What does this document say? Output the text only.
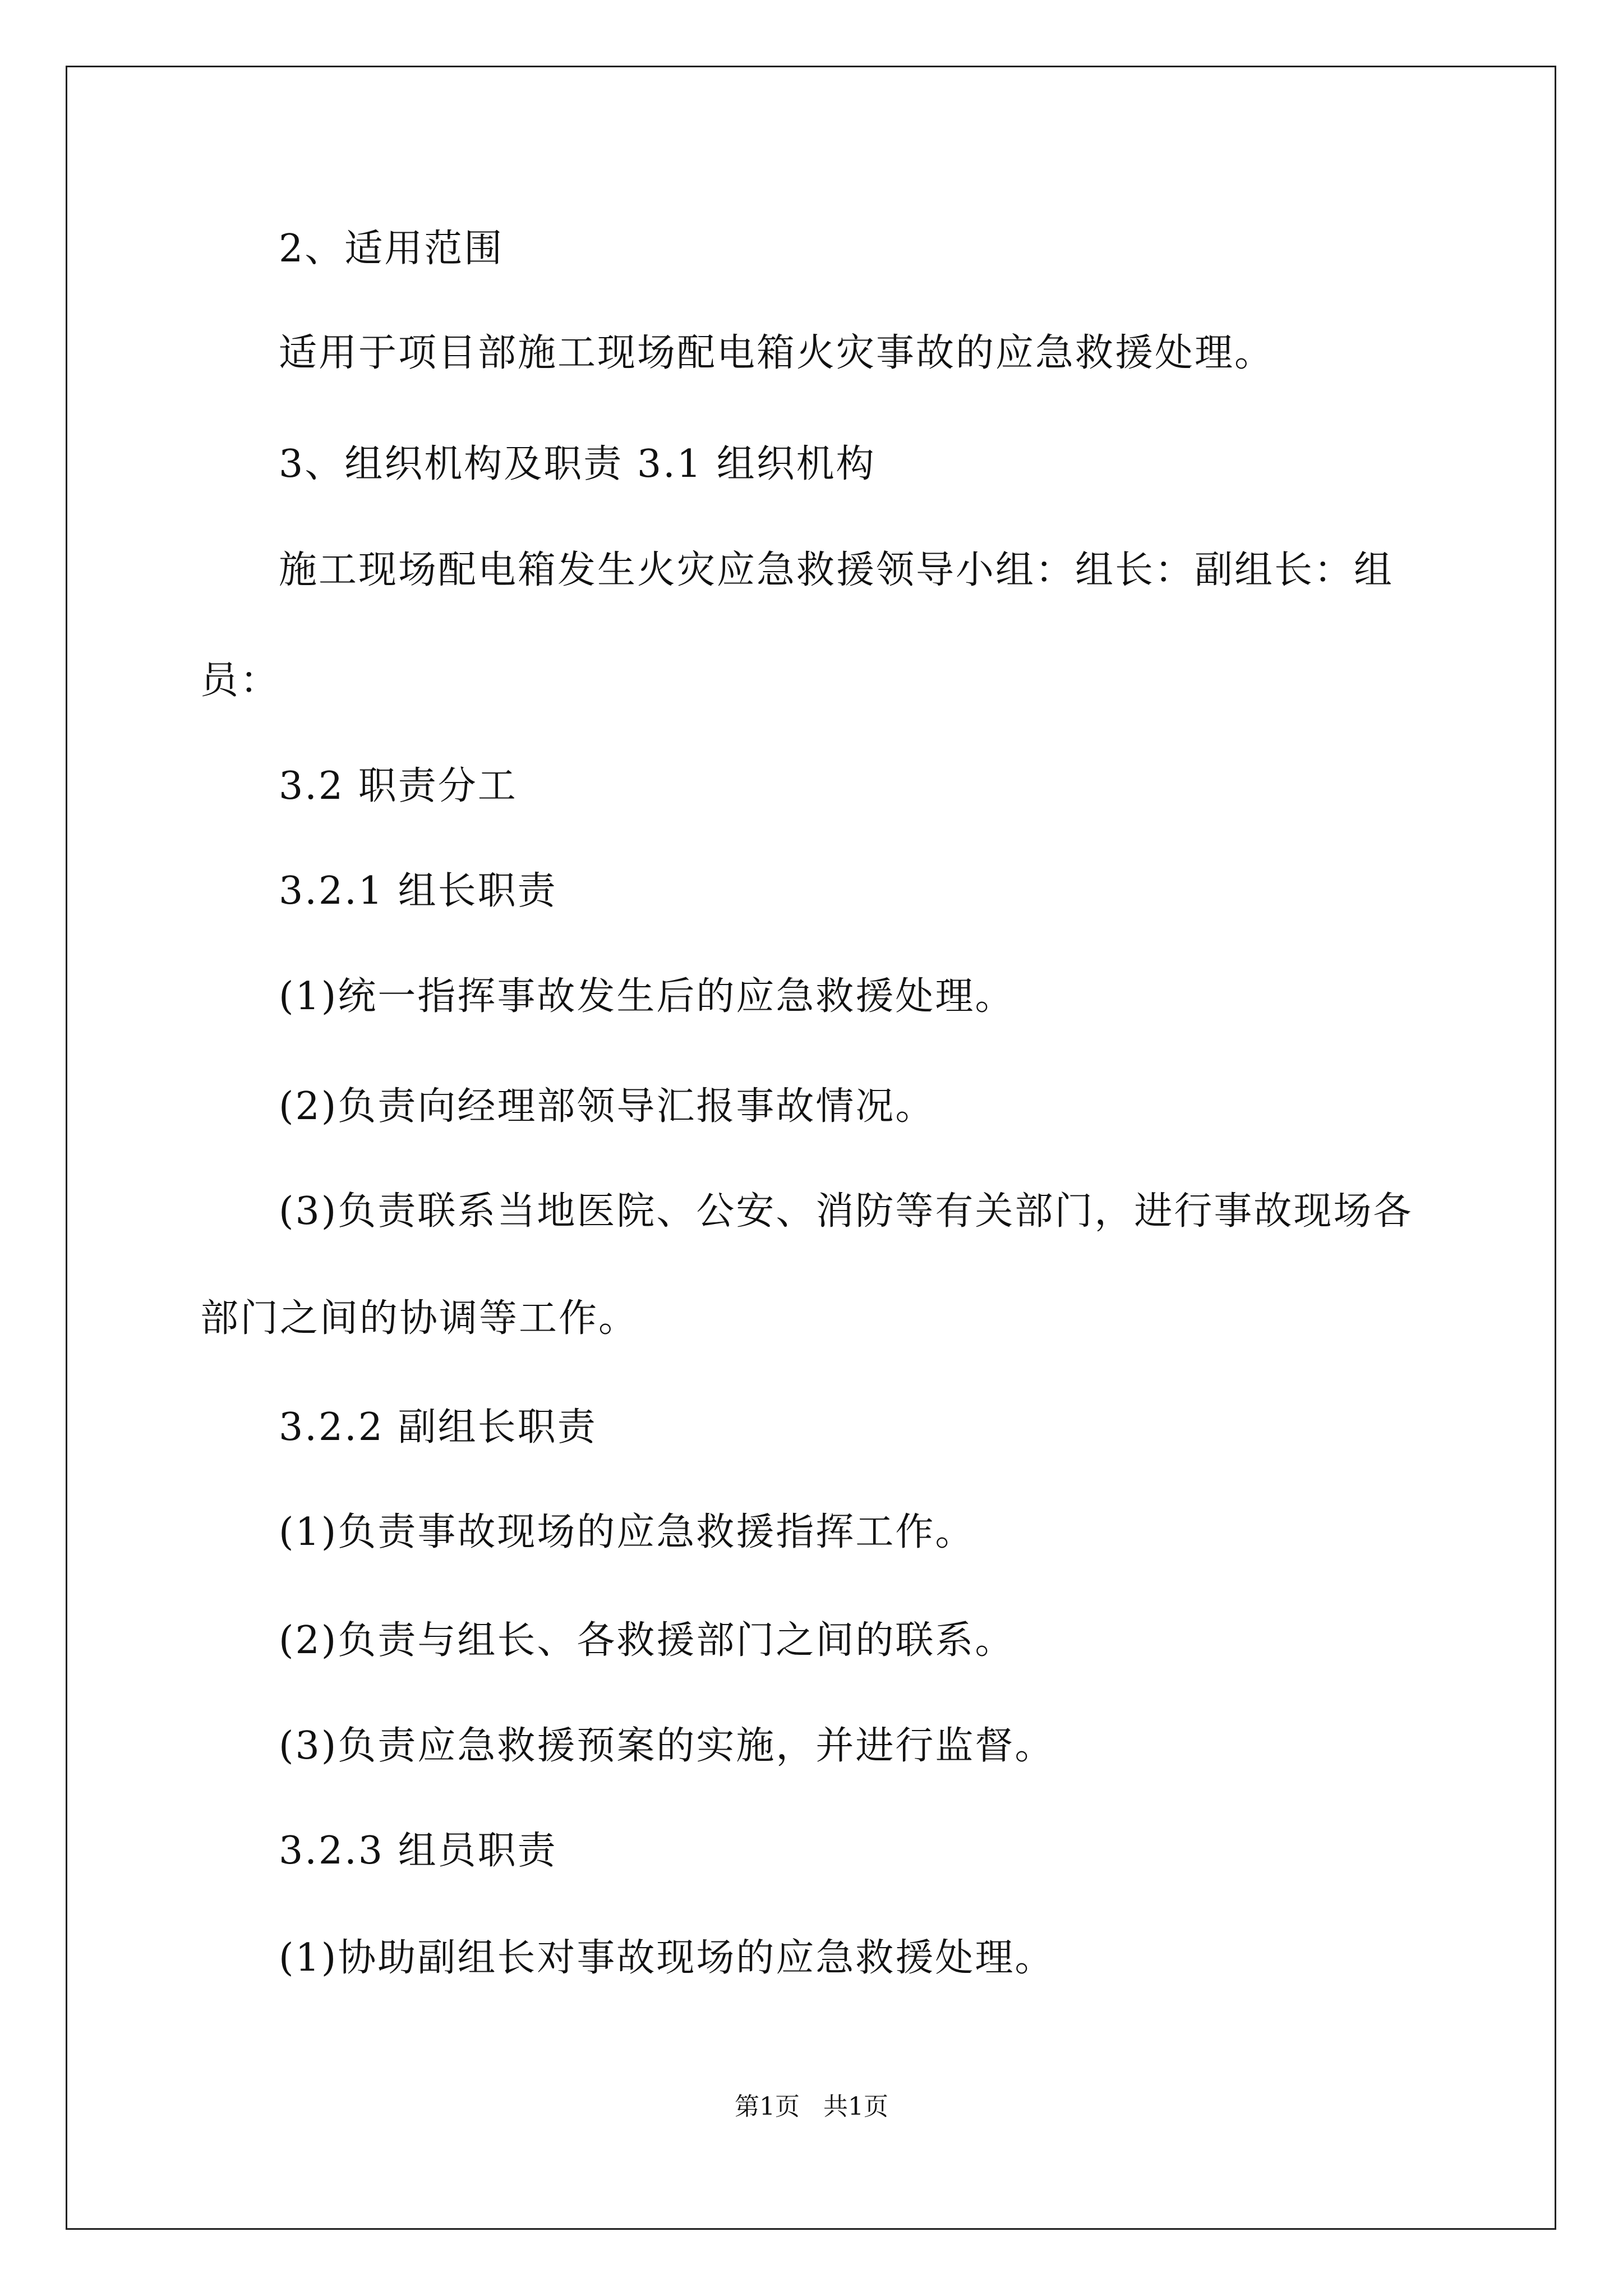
2、适用范围

适用于项目部施工现场配电箱火灾事故的应急救援处理。

3、组织机构及职责 3.1 组织机构

施工现场配电箱发生火灾应急救援领导小组：组长：副组长：组

员：

3.2 职责分工

3.2.1 组长职责

(1)统一指挥事故发生后的应急救援处理。

(2)负责向经理部领导汇报事故情况。

(3)负责联系当地医院、公安、消防等有关部门，进行事故现场各

部门之间的协调等工作。

3.2.2 副组长职责

(1)负责事故现场的应急救援指挥工作。

(2)负责与组长、各救援部门之间的联系。

(3)负责应急救援预案的实施，并进行监督。

3.2.3 组员职责

(1)协助副组长对事故现场的应急救援处理。

第1页 共1页
